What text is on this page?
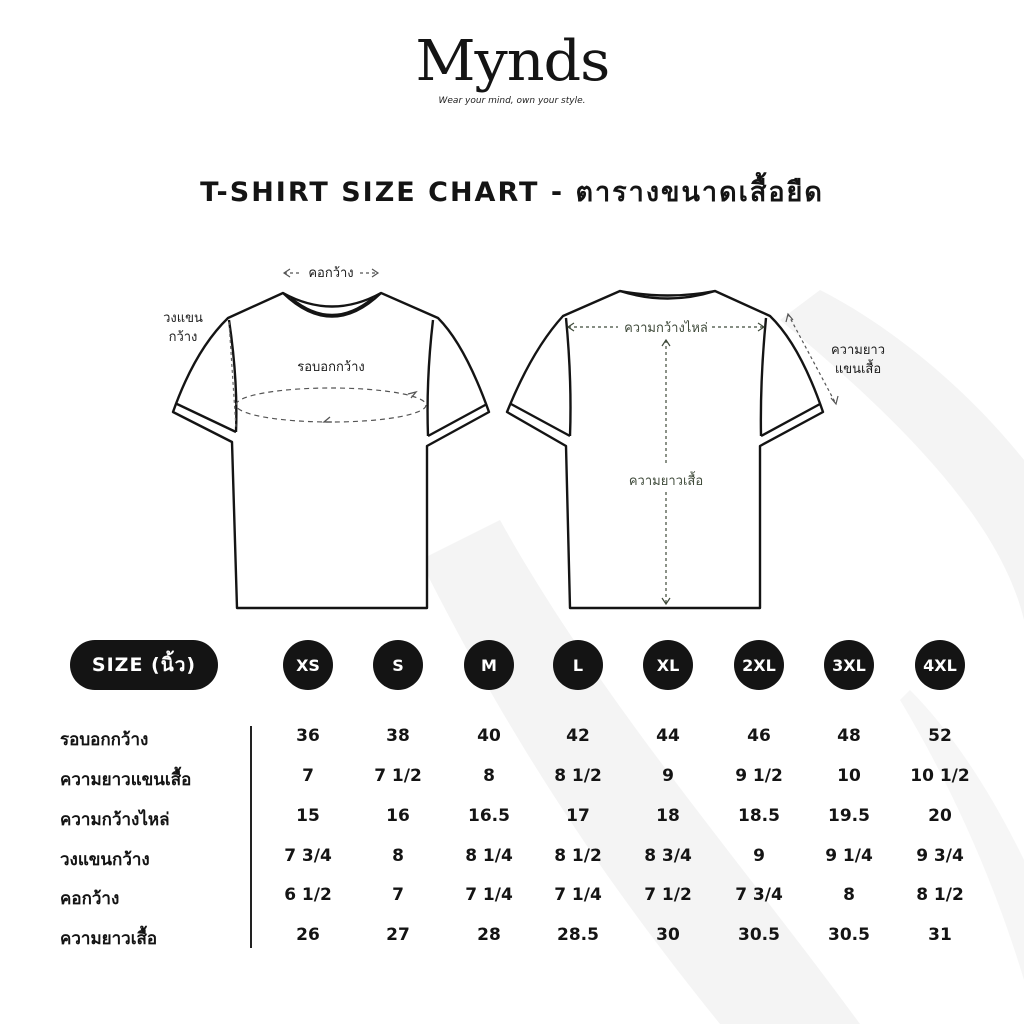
Mynds
Wear your mind, own your style.
T-SHIRT SIZE CHART - ตารางขนาดเสื้อยืด
คอกว้าง
วงแขน
กว้าง
รอบอกกว้าง
ความกว้างไหล่
ความยาว
แขนเสื้อ
ความยาวเสื้อ
SIZE (นิ้ว)	XS	S	M	L	XL	2XL	3XL	4XL
รอบอกกว้าง	36	38	40	42	44	46	48	52
ความยาวแขนเสื้อ	7	7 1/2	8	8 1/2	9	9 1/2	10	10 1/2
ความกว้างไหล่	15	16	16.5	17	18	18.5	19.5	20
วงแขนกว้าง	7 3/4	8	8 1/4	8 1/2	8 3/4	9	9 1/4	9 3/4
คอกว้าง	6 1/2	7	7 1/4	7 1/4	7 1/2	7 3/4	8	8 1/2
ความยาวเสื้อ	26	27	28	28.5	30	30.5	30.5	31
